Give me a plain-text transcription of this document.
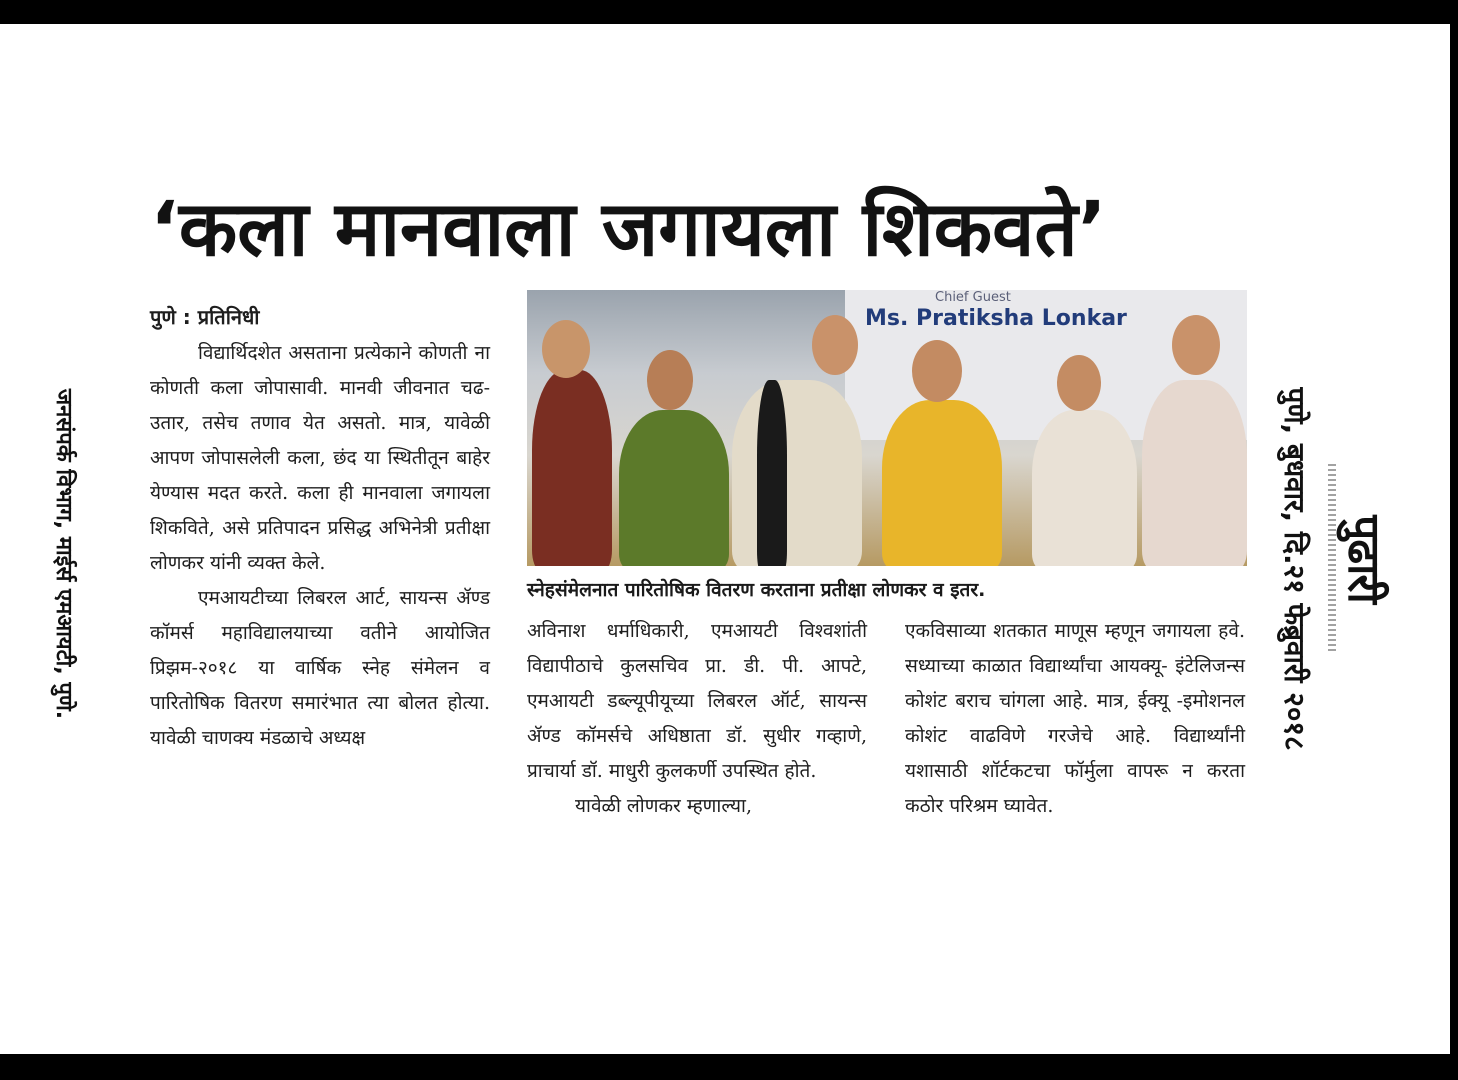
जनसंपर्क विभाग, माईर्स एमआयटी, पुणे.
‘कला मानवाला जगायला शिकवते’
पुणे : प्रतिनिधी

विद्यार्थिदशेत असताना प्रत्येकाने कोणती ना कोणती कला जोपासावी. मानवी जीवनात चढ-उतार, तसेच तणाव येत असतो. मात्र, यावेळी आपण जोपासलेली कला, छंद या स्थितीतून बाहेर येण्यास मदत करते. कला ही मानवाला जगायला शिकविते, असे प्रतिपादन प्रसिद्ध अभिनेत्री प्रतीक्षा लोणकर यांनी व्यक्त केले.

एमआयटीच्या लिबरल आर्ट, सायन्स ॲण्ड कॉमर्स महाविद्यालयाच्या वतीने आयोजित प्रिझम-२०१८ या वार्षिक स्नेह संमेलन व पारितोषिक वितरण समारंभात त्या बोलत होत्या. यावेळी चाणक्य मंडळाचे अध्यक्ष

Chief Guest
Ms. Pratiksha Lonkar
स्नेहसंमेलनात पारितोषिक वितरण करताना प्रतीक्षा लोणकर व इतर.

अविनाश धर्माधिकारी, एमआयटी विश्वशांती विद्यापीठाचे कुलसचिव प्रा. डी. पी. आपटे, एमआयटी डब्ल्यूपीयूच्या लिबरल ऑर्ट, सायन्स ॲण्ड कॉमर्सचे अधिष्ठाता डॉ. सुधीर गव्हाणे, प्राचार्या डॉ. माधुरी कुलकर्णी उपस्थित होते.

यावेळी लोणकर म्हणाल्या,

एकविसाव्या शतकात माणूस म्हणून जगायला हवे. सध्याच्या काळात विद्यार्थ्यांचा आयक्यू- इंटेलिजन्स कोशंट बराच चांगला आहे. मात्र, ईक्यू -इमोशनल कोशंट वाढविणे गरजेचे आहे. विद्यार्थ्यांनी यशासाठी शॉर्टकटचा फॉर्मुला वापरू न करता कठोर परिश्रम घ्यावेत.

पुणे, बुधवार, दि.२१ फेब्रुवारी २०१८ पुढारी
